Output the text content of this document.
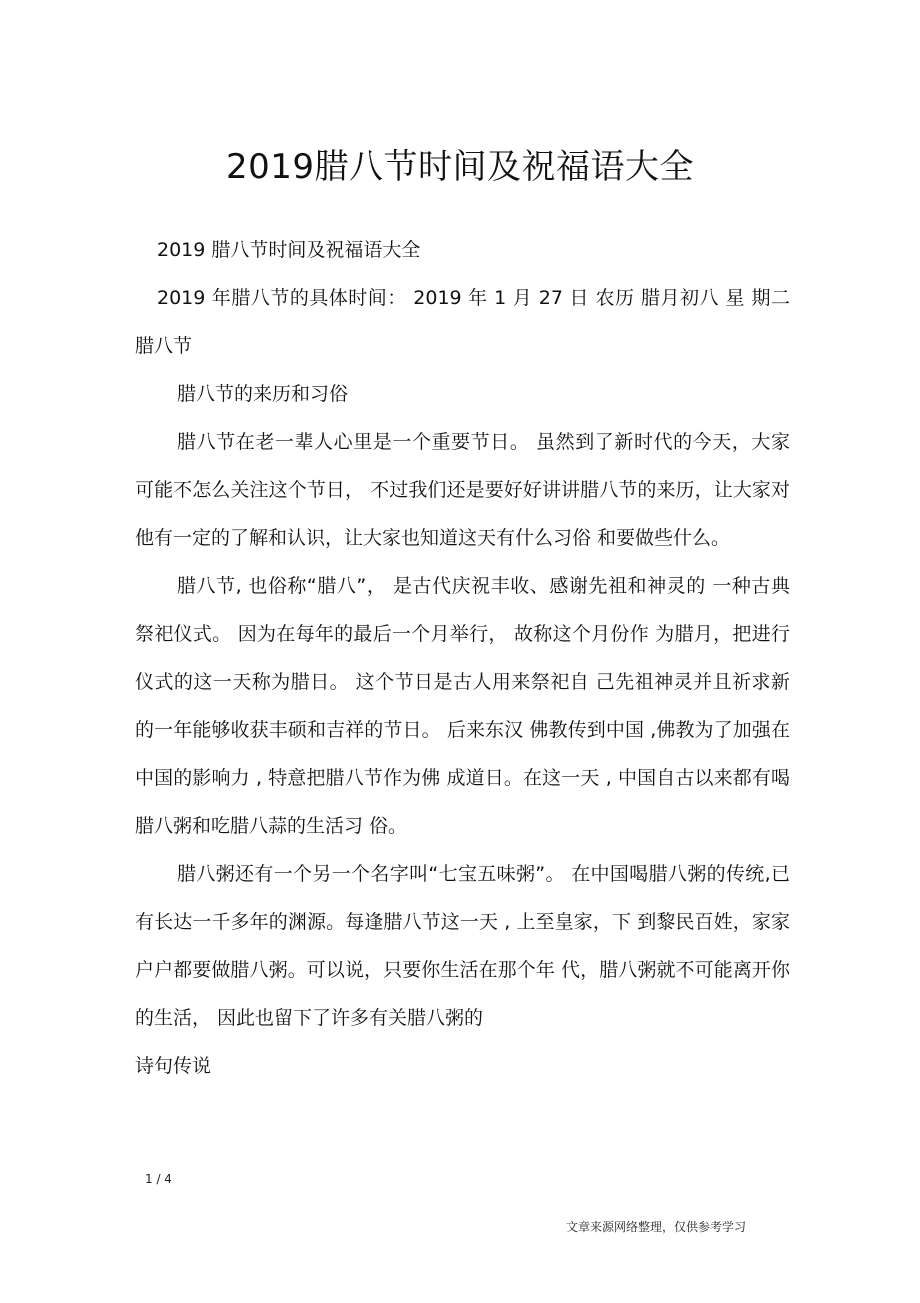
2019腊八节时间及祝福语大全

2019 腊八节时间及祝福语大全

2019 年腊八节的具体时间： 2019 年 1 月 27 日 农历 腊月初八 星 期二 腊八节

腊八节的来历和习俗

腊八节在老一辈人心里是一个重要节日。 虽然到了新时代的今天，大家可能不怎么关注这个节日， 不过我们还是要好好讲讲腊八节的来历，让大家对他有一定的了解和认识，让大家也知道这天有什么习俗 和要做些什么。

腊八节, 也俗称“腊八”， 是古代庆祝丰收、感谢先祖和神灵的 一种古典祭祀仪式。 因为在每年的最后一个月举行， 故称这个月份作 为腊月，把进行仪式的这一天称为腊日。 这个节日是古人用来祭祀自 己先祖神灵并且祈求新的一年能够收获丰硕和吉祥的节日。 后来东汉 佛教传到中国 ,佛教为了加强在中国的影响力 , 特意把腊八节作为佛 成道日。在这一天 , 中国自古以来都有喝腊八粥和吃腊八蒜的生活习 俗。

腊八粥还有一个另一个名字叫“七宝五味粥”。 在中国喝腊八粥的传统,已有长达一千多年的渊源。每逢腊八节这一天 , 上至皇家，下 到黎民百姓，家家户户都要做腊八粥。可以说，只要你生活在那个年 代，腊八粥就不可能离开你的生活， 因此也留下了许多有关腊八粥的

诗句传说

1 / 4
文章来源网络整理，仅供参考学习
